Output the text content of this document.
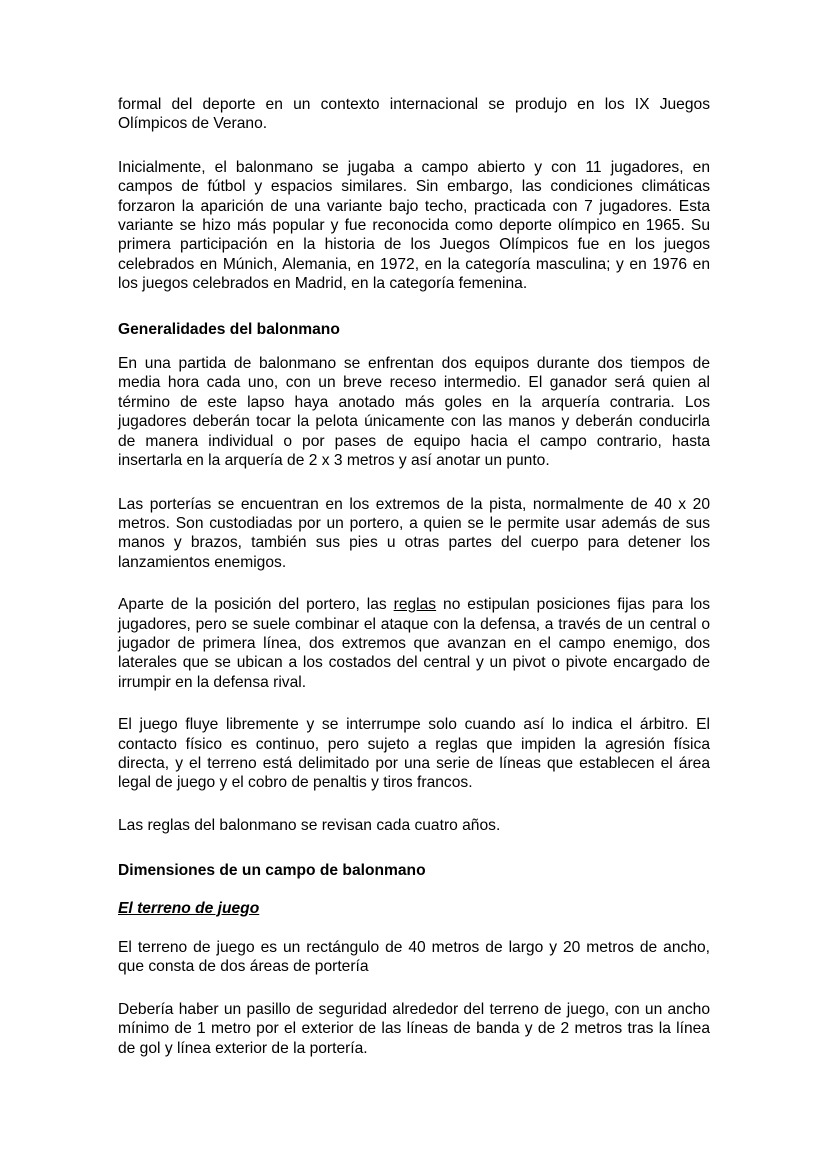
formal del deporte en un contexto internacional se produjo en los IX Juegos Olímpicos de Verano.

Inicialmente, el balonmano se jugaba a campo abierto y con 11 jugadores, en campos de fútbol y espacios similares. Sin embargo, las condiciones climáticas forzaron la aparición de una variante bajo techo, practicada con 7 jugadores. Esta variante se hizo más popular y fue reconocida como deporte olímpico en 1965. Su primera participación en la historia de los Juegos Olímpicos fue en los juegos celebrados en Múnich, Alemania, en 1972, en la categoría masculina; y en 1976 en los juegos celebrados en Madrid, en la categoría femenina.

Generalidades del balonmano

En una partida de balonmano se enfrentan dos equipos durante dos tiempos de media hora cada uno, con un breve receso intermedio. El ganador será quien al término de este lapso haya anotado más goles en la arquería contraria. Los jugadores deberán tocar la pelota únicamente con las manos y deberán conducirla de manera individual o por pases de equipo hacia el campo contrario, hasta insertarla en la arquería de 2 x 3 metros y así anotar un punto.

Las porterías se encuentran en los extremos de la pista, normalmente de 40 x 20 metros. Son custodiadas por un portero, a quien se le permite usar además de sus manos y brazos, también sus pies u otras partes del cuerpo para detener los lanzamientos enemigos.

Aparte de la posición del portero, las reglas no estipulan posiciones fijas para los jugadores, pero se suele combinar el ataque con la defensa, a través de un central o jugador de primera línea, dos extremos que avanzan en el campo enemigo, dos laterales que se ubican a los costados del central y un pivot o pivote encargado de irrumpir en la defensa rival.

El juego fluye libremente y se interrumpe solo cuando así lo indica el árbitro. El contacto físico es continuo, pero sujeto a reglas que impiden la agresión física directa, y el terreno está delimitado por una serie de líneas que establecen el área legal de juego y el cobro de penaltis y tiros francos.

Las reglas del balonmano se revisan cada cuatro años.

Dimensiones de un campo de balonmano
El terreno de juego

El terreno de juego es un rectángulo de 40 metros de largo y 20 metros de ancho, que consta de dos áreas de portería

Debería haber un pasillo de seguridad alrededor del terreno de juego, con un ancho mínimo de 1 metro por el exterior de las líneas de banda y de 2 metros tras la línea de gol y línea exterior de la portería.
